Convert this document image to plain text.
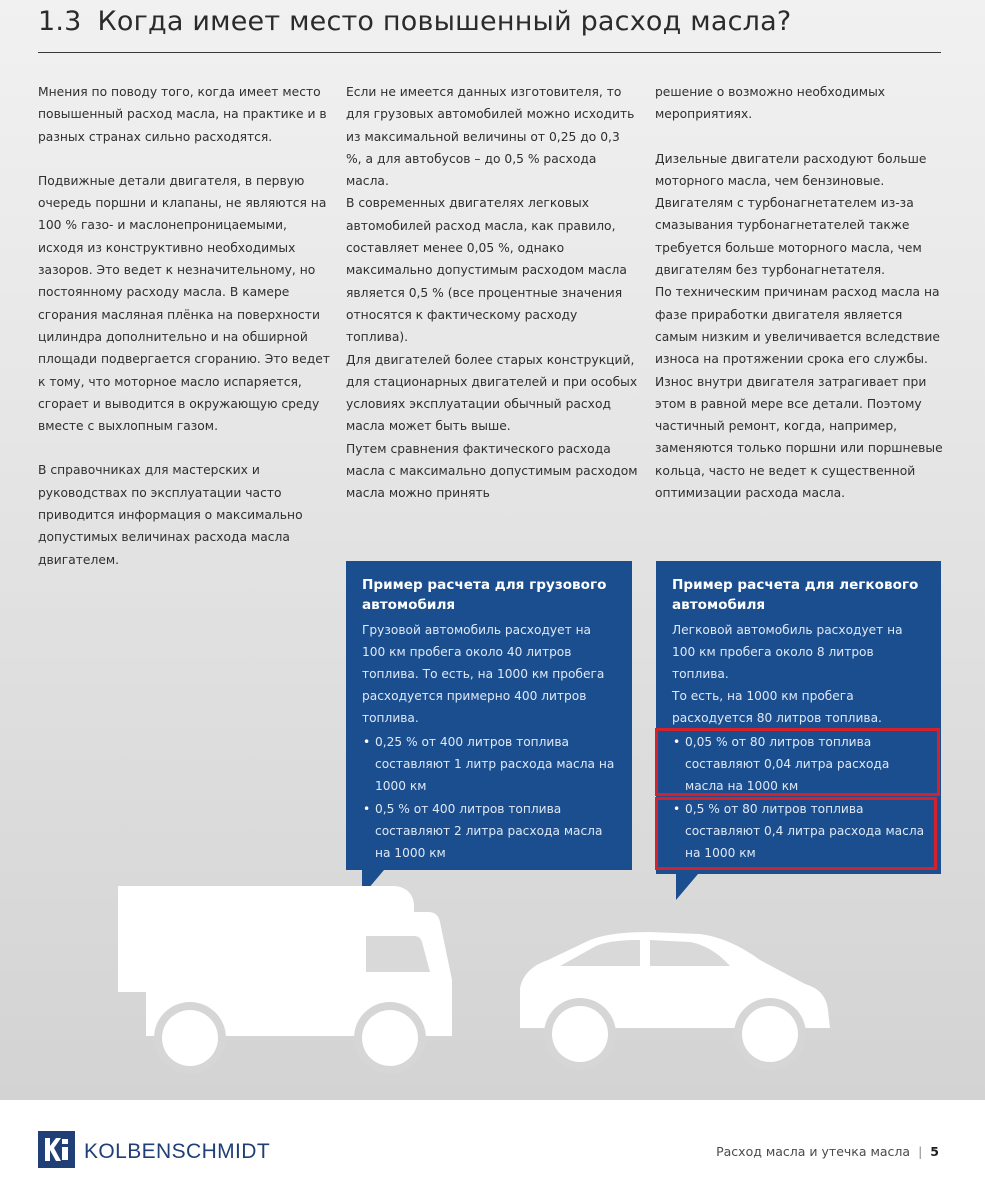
1.3 Когда имеет место повышенный расход масла?

Мнения по поводу того, когда имеет место повышенный расход масла, на практике и в разных странах сильно расходятся.

Подвижные детали двигателя, в первую очередь поршни и клапаны, не являются на 100 % газо- и маслонепроницаемыми, исходя из конструктивно необходимых зазоров. Это ведет к незначительному, но постоянному расходу масла. В камере сгорания масляная плёнка на поверхности цилиндра дополнительно и на обширной площади подвергается сгоранию. Это ведет к тому, что моторное масло испаряется, сгорает и выводится в окружающую среду вместе с выхлопным газом.

В справочниках для мастерских и руководствах по эксплуатации часто приводится информация о максимально допустимых величинах расхода масла двигателем.

Если не имеется данных изготовителя, то для грузовых автомобилей можно исходить из максимальной величины от 0,25 до 0,3 %, а для автобусов – до 0,5 % расхода масла.

В современных двигателях легковых автомобилей расход масла, как правило, составляет менее 0,05 %, однако максимально допустимым расходом масла является 0,5 % (все процентные значения относятся к фактическому расходу топлива).

Для двигателей более старых конструкций, для стационарных двигателей и при особых условиях эксплуатации обычный расход масла может быть выше.

Путем сравнения фактического расхода масла с максимально допустимым расходом масла можно принять

решение о возможно необходимых мероприятиях.

Дизельные двигатели расходуют больше моторного масла, чем бензиновые.

Двигателям с турбонагнетателем из-за смазывания турбонагнетателей также требуется больше моторного масла, чем двигателям без турбонагнетателя.

По техническим причинам расход масла на фазе приработки двигателя является самым низким и увеличивается вследствие износа на протяжении срока его службы. Износ внутри двигателя затрагивает при этом в равной мере все детали. Поэтому частичный ремонт, когда, например, заменяются только поршни или поршневые кольца, часто не ведет к существенной оптимизации расхода масла.

Пример расчета для грузового автомобиля

Грузовой автомобиль расходует на 100 км пробега около 40 литров топлива. То есть, на 1000 км пробега расходуется примерно 400 литров топлива.

• 0,25 % от 400 литров топлива составляют 1 литр расхода масла на 1000 км
• 0,5 % от 400 литров топлива составляют 2 литра расхода масла на 1000 км
Пример расчета для легкового автомобиля

Легковой автомобиль расходует на 100 км пробега около 8 литров топлива.

То есть, на 1000 км пробега расходуется 80 литров топлива.

• 0,05 % от 80 литров топлива составляют 0,04 литра расхода масла на 1000 км
• 0,5 % от 80 литров топлива составляют 0,4 литра расхода масла на 1000 км
KOLBENSCHMIDT	Расход масла и утечка масла | 5
